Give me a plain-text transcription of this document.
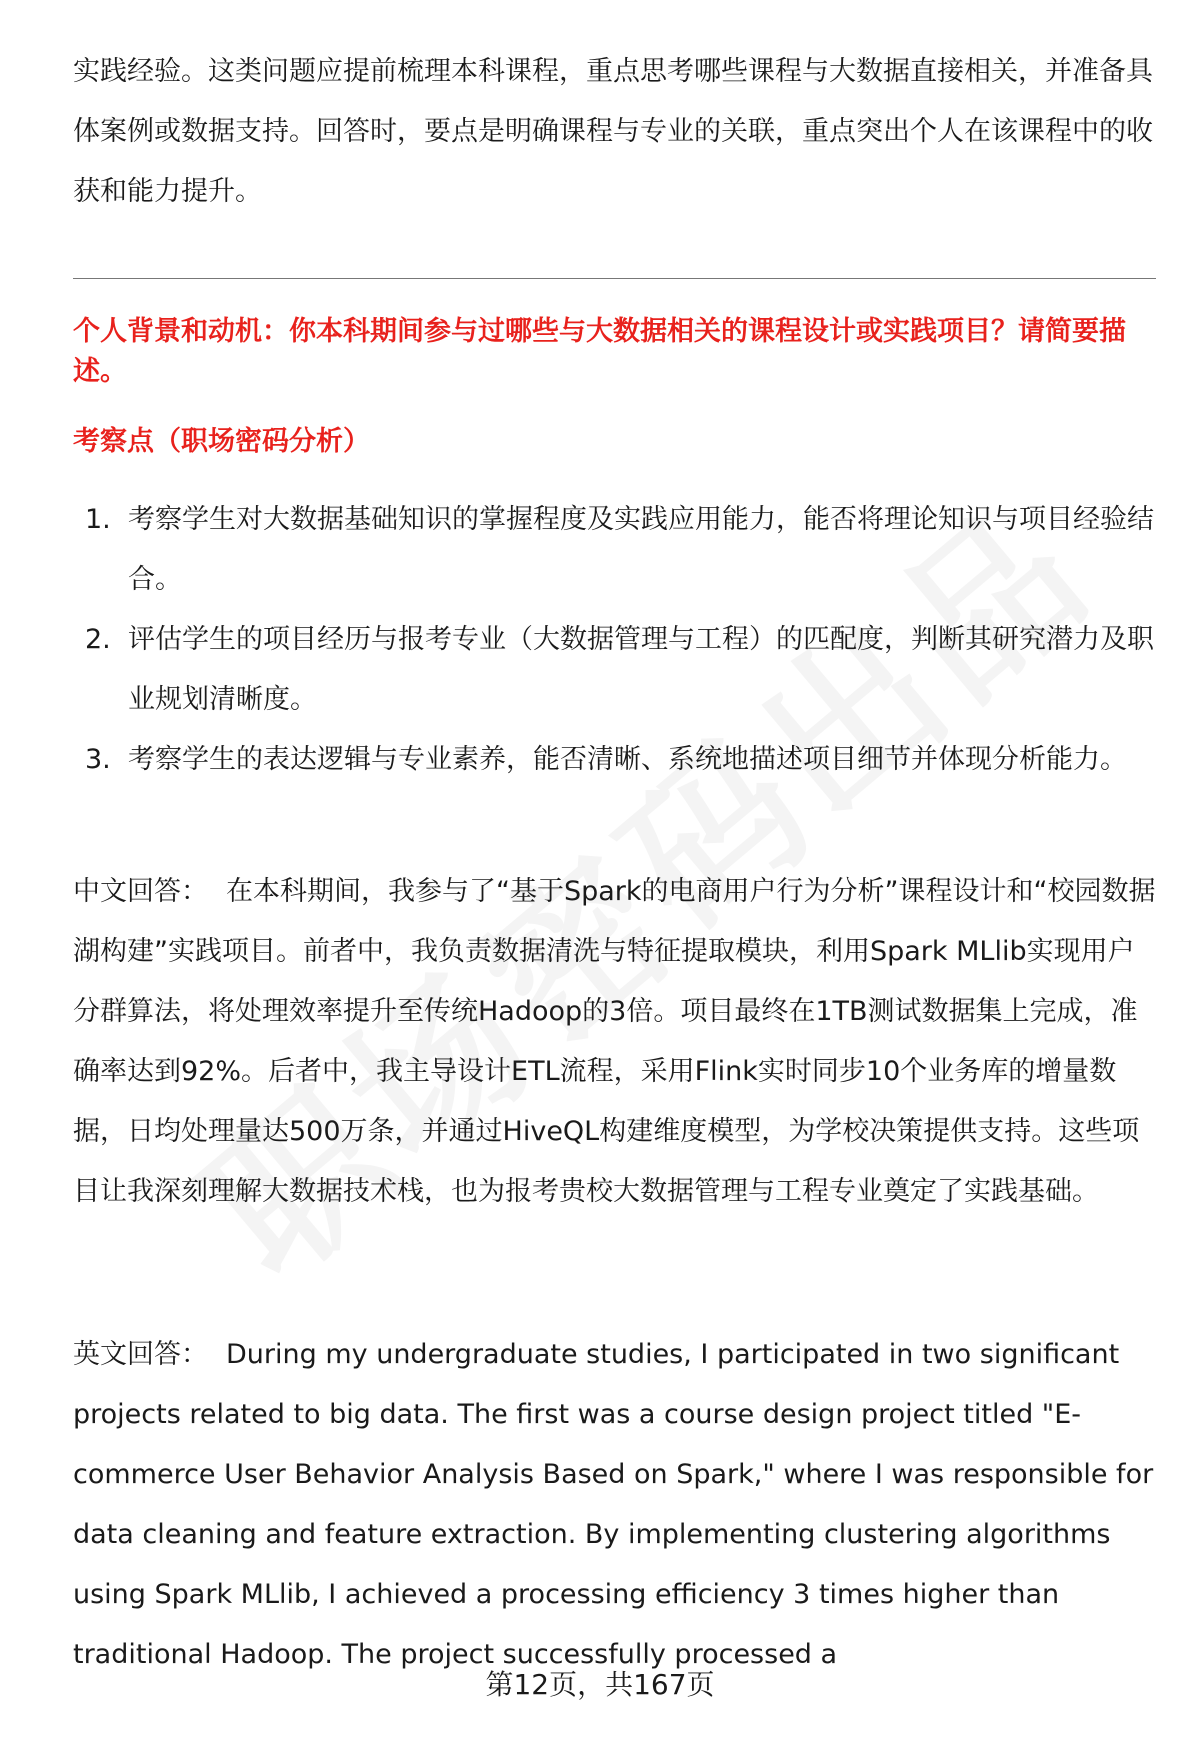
实践经验。这类问题应提前梳理本科课程，重点思考哪些课程与大数据直接相关，并准备具体案例或数据支持。回答时，要点是明确课程与专业的关联，重点突出个人在该课程中的收获和能力提升。
个人背景和动机：你本科期间参与过哪些与大数据相关的课程设计或实践项目？请简要描述。
考察点（职场密码分析）
1. 考察学生对大数据基础知识的掌握程度及实践应用能力，能否将理论知识与项目经验结合。
2. 评估学生的项目经历与报考专业（大数据管理与工程）的匹配度，判断其研究潜力及职业规划清晰度。
3. 考察学生的表达逻辑与专业素养，能否清晰、系统地描述项目细节并体现分析能力。
中文回答： 在本科期间，我参与了“基于Spark的电商用户行为分析”课程设计和“校园数据湖构建”实践项目。前者中，我负责数据清洗与特征提取模块，利用Spark MLlib实现用户分群算法，将处理效率提升至传统Hadoop的3倍。项目最终在1TB测试数据集上完成，准确率达到92%。后者中，我主导设计ETL流程，采用Flink实时同步10个业务库的增量数据，日均处理量达500万条，并通过HiveQL构建维度模型，为学校决策提供支持。这些项目让我深刻理解大数据技术栈，也为报考贵校大数据管理与工程专业奠定了实践基础。
英文回答： During my undergraduate studies, I participated in two significant projects related to big data. The first was a course design project titled "E-commerce User Behavior Analysis Based on Spark," where I was responsible for data cleaning and feature extraction. By implementing clustering algorithms using Spark MLlib, I achieved a processing efficiency 3 times higher than traditional Hadoop. The project successfully processed a
第12页，共167页
